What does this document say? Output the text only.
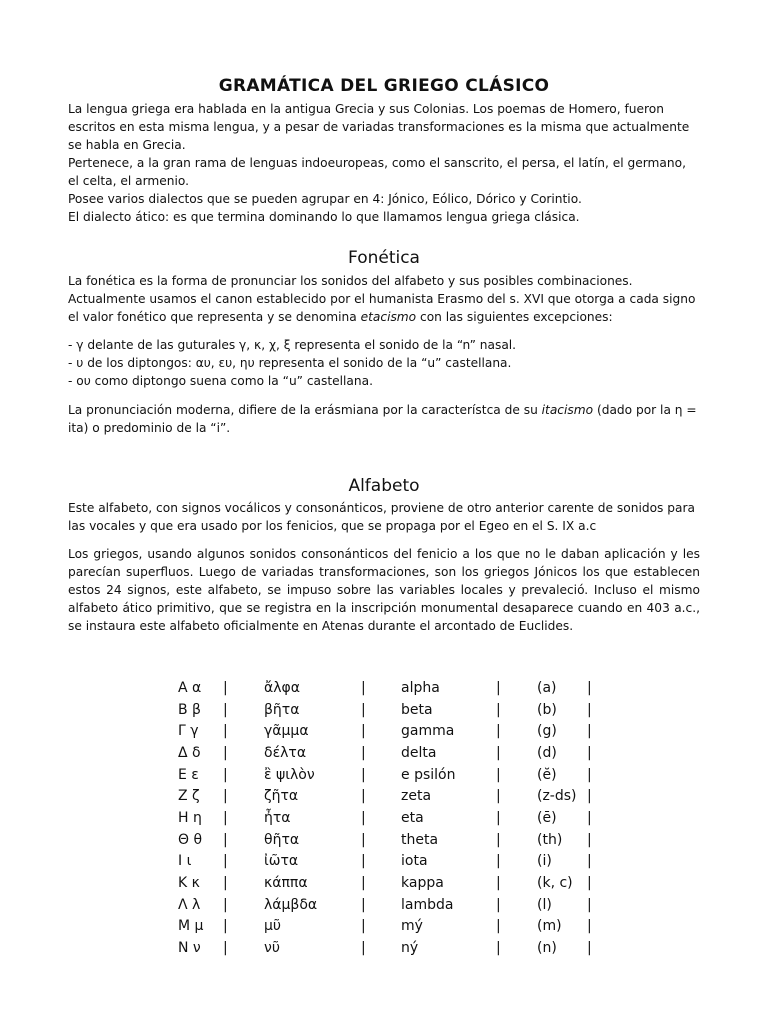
GRAMÁTICA DEL GRIEGO CLÁSICO

La lengua griega era hablada en la antigua Grecia y sus Colonias. Los poemas de Homero, fueron escritos en esta misma lengua, y a pesar de variadas transformaciones es la misma que actualmente se habla en Grecia.

Pertenece, a la gran rama de lenguas indoeuropeas, como el sanscrito, el persa, el latín, el germano, el celta, el armenio.

Posee varios dialectos que se pueden agrupar en 4: Jónico, Eólico, Dórico y Corintio.

El dialecto ático: es que termina dominando lo que llamamos lengua griega clásica.

Fonética
La fonética es la forma de pronunciar los sonidos del alfabeto y sus posibles combinaciones. Actualmente usamos el canon establecido por el humanista Erasmo del s. XVI que otorga a cada signo el valor fonético que representa y se denomina etacismo con las siguientes excepciones:

- γ delante de las guturales γ, κ, χ, ξ representa el sonido de la “n” nasal.

- υ de los diptongos: αυ, ευ, ηυ representa el sonido de la “u” castellana.

- ου como diptongo suena como la “u” castellana.

La pronunciación moderna, difiere de la erásmiana por la característca de su itacismo (dado por la η = ita) o predominio de la “i”.
Alfabeto
Este alfabeto, con signos vocálicos y consonánticos, proviene de otro anterior carente de sonidos para las vocales y que era usado por los fenicios, que se propaga por el Egeo en el S. IX a.c
Los griegos, usando algunos sonidos consonánticos del fenicio a los que no le daban aplicación y les parecían superfluos. Luego de variadas transformaciones, son los griegos Jónicos los que establecen estos 24 signos, este alfabeto, se impuso sobre las variables locales y prevaleció. Incluso el mismo alfabeto ático primitivo, que se registra en la inscripción monumental desaparece cuando en 403 a.c., se instaura este alfabeto oficialmente en Atenas durante el arcontado de Euclides.
Α α	|	ἄλφα	|	alpha	|	(a)	|
Β β	|	βῆτα	|	beta	|	(b)	|
Γ γ	|	γᾶμμα	|	gamma	|	(g)	|
Δ δ	|	δέλτα	|	delta	|	(d)	|
Ε ε	|	ἒ ψιλὸν	|	e psilón	|	(ĕ)	|
Ζ ζ	|	ζῆτα	|	zeta	|	(z-ds)	|
Η η	|	ἦτα	|	eta	|	(ē)	|
Θ θ	|	θῆτα	|	theta	|	(th)	|
Ι ι	|	ἰῶτα	|	iota	|	(i)	|
Κ κ	|	κάππα	|	kappa	|	(k, c)	|
Λ λ	|	λάμβδα	|	lambda	|	(l)	|
Μ μ	|	μῦ	|	mý	|	(m)	|
Ν ν	|	νῦ	|	ný	|	(n)	|
